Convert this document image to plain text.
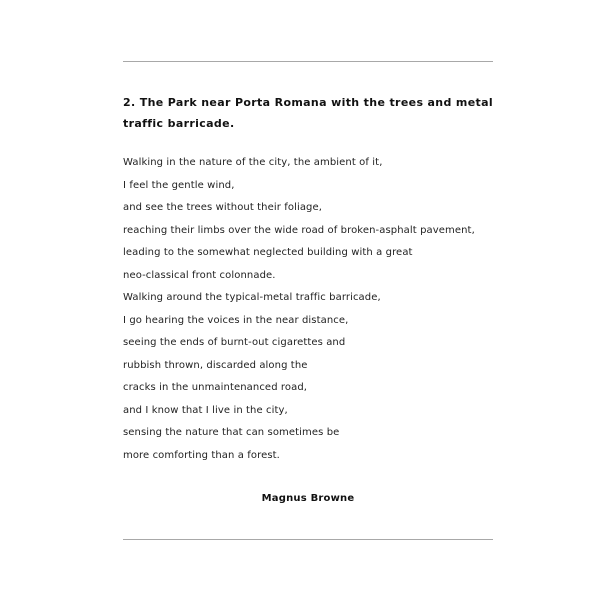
2. The Park near Porta Romana with the trees and metal traffic barricade.
Walking in the nature of the city, the ambient of it,
I feel the gentle wind,
and see the trees without their foliage,
reaching their limbs over the wide road of broken-asphalt pavement,
leading to the somewhat neglected building with a great
neo-classical front colonnade.
Walking around the typical-metal traffic barricade,
I go hearing the voices in the near distance,
seeing the ends of burnt-out cigarettes and
rubbish thrown, discarded along the
cracks in the unmaintenanced road,
and I know that I live in the city,
sensing the nature that can sometimes be
more comforting than a forest.
Magnus Browne
